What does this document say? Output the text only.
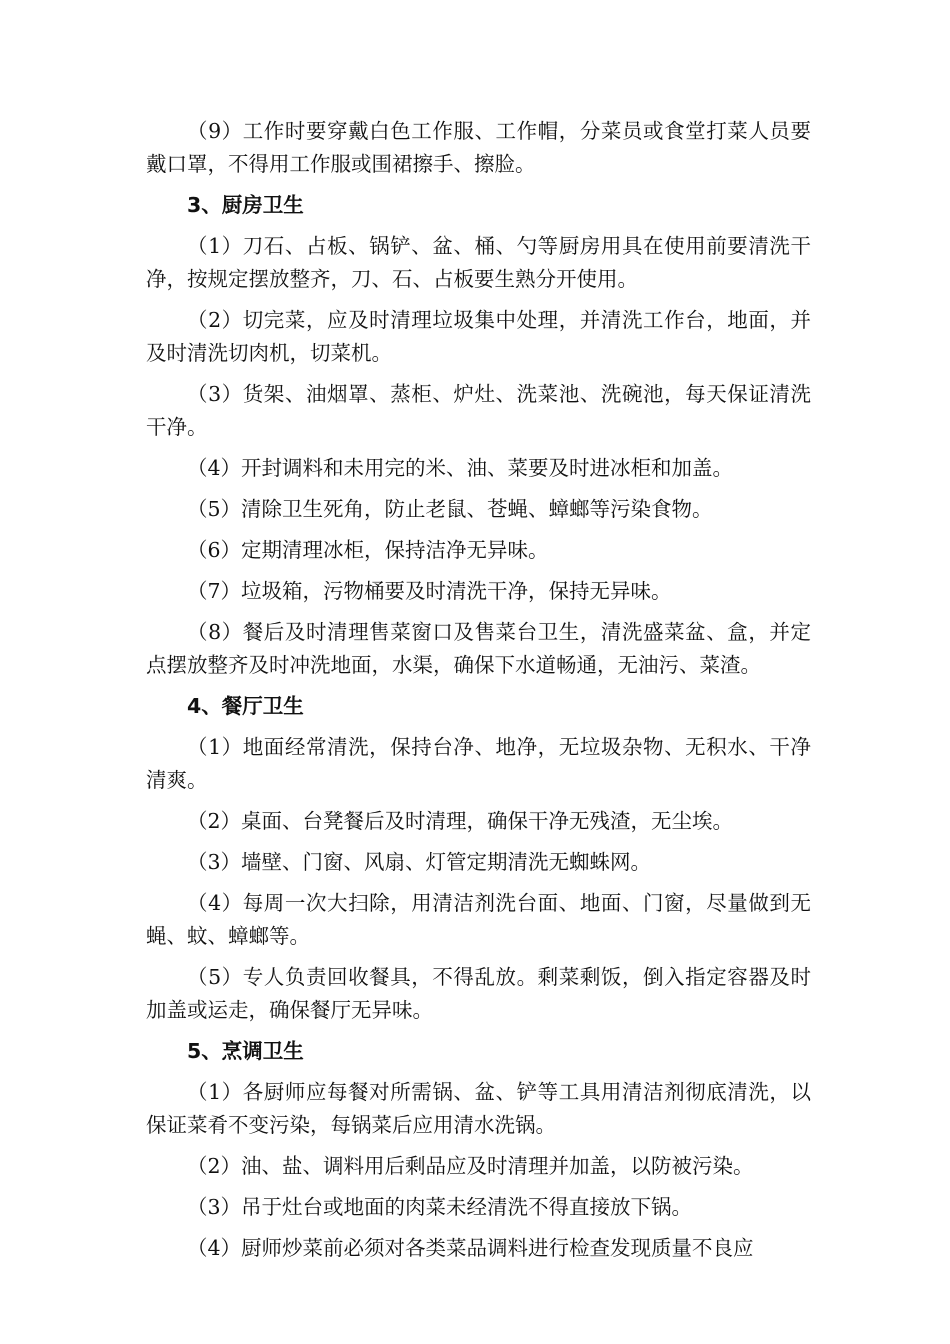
（9）工作时要穿戴白色工作服、工作帽，分菜员或食堂打菜人员要戴口罩，不得用工作服或围裙擦手、擦脸。

3、厨房卫生

（1）刀石、占板、锅铲、盆、桶、勺等厨房用具在使用前要清洗干净，按规定摆放整齐，刀、石、占板要生熟分开使用。

（2）切完菜，应及时清理垃圾集中处理，并清洗工作台，地面，并及时清洗切肉机，切菜机。

（3）货架、油烟罩、蒸柜、炉灶、洗菜池、洗碗池，每天保证清洗干净。

（4）开封调料和未用完的米、油、菜要及时进冰柜和加盖。

（5）清除卫生死角，防止老鼠、苍蝇、蟑螂等污染食物。

（6）定期清理冰柜，保持洁净无异味。

（7）垃圾箱，污物桶要及时清洗干净，保持无异味。

（8）餐后及时清理售菜窗口及售菜台卫生，清洗盛菜盆、盒，并定点摆放整齐及时冲洗地面，水渠，确保下水道畅通，无油污、菜渣。

4、餐厅卫生

（1）地面经常清洗，保持台净、地净，无垃圾杂物、无积水、干净清爽。

（2）桌面、台凳餐后及时清理，确保干净无残渣，无尘埃。

（3）墙壁、门窗、风扇、灯管定期清洗无蜘蛛网。

（4）每周一次大扫除，用清洁剂洗台面、地面、门窗，尽量做到无蝇、蚊、蟑螂等。

（5）专人负责回收餐具，不得乱放。剩菜剩饭，倒入指定容器及时加盖或运走，确保餐厅无异味。

5、烹调卫生

（1）各厨师应每餐对所需锅、盆、铲等工具用清洁剂彻底清洗，以保证菜肴不变污染，每锅菜后应用清水洗锅。

（2）油、盐、调料用后剩品应及时清理并加盖，以防被污染。

（3）吊于灶台或地面的肉菜未经清洗不得直接放下锅。

（4）厨师炒菜前必须对各类菜品调料进行检查发现质量不良应
